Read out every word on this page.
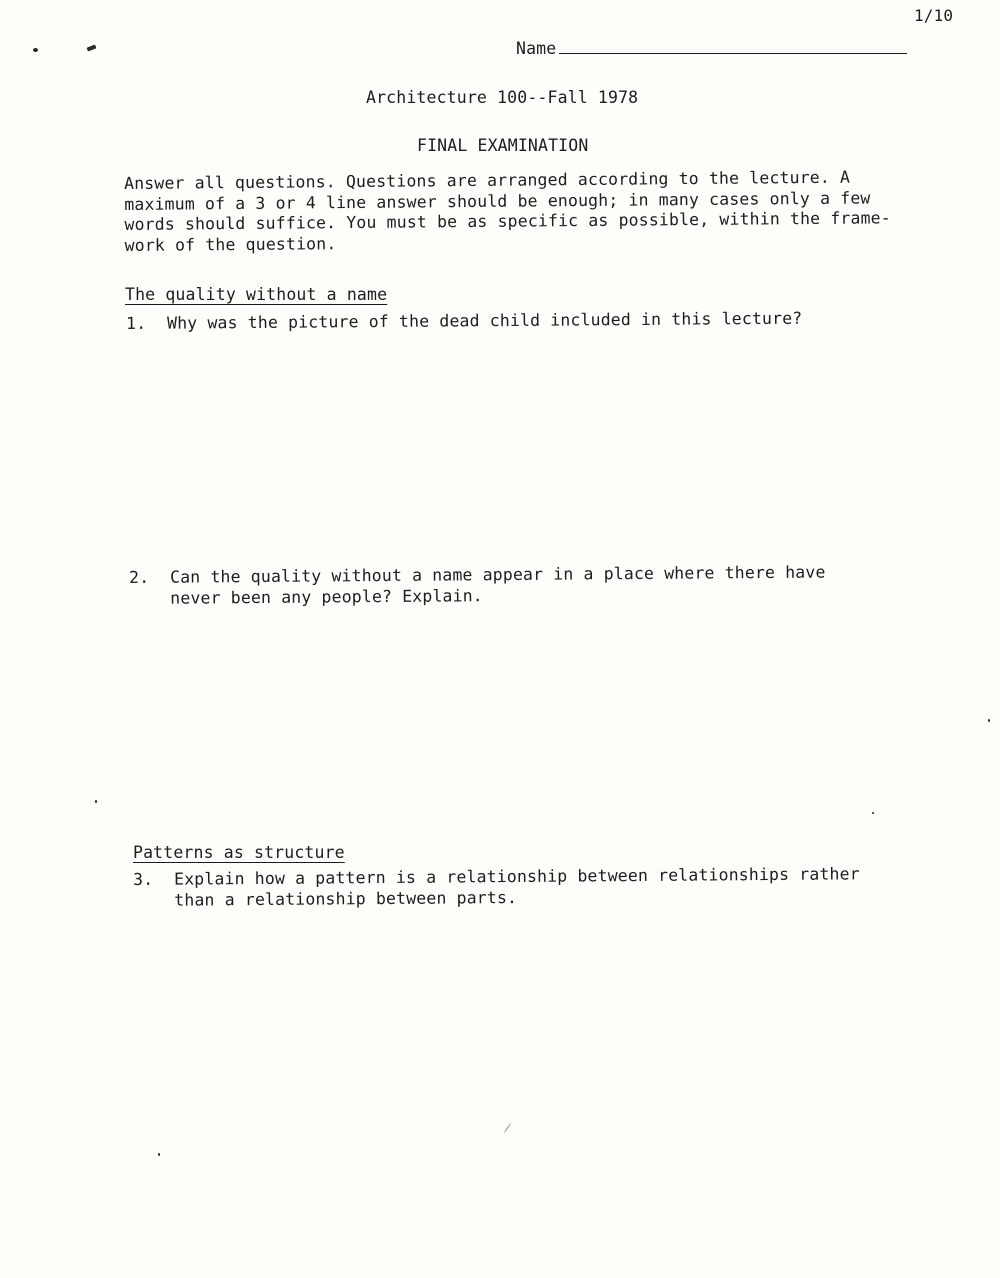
1/10
Name
Architecture 100--Fall 1978
FINAL EXAMINATION
Answer all questions. Questions are arranged according to the lecture. A
maximum of a 3 or 4 line answer should be enough; in many cases only a few
words should suffice. You must be as specific as possible, within the frame-
work of the question.
The quality without a name
1. Why was the picture of the dead child included in this lecture?
2. Can the quality without a name appear in a place where there have
never been any people? Explain.
Patterns as structure
3. Explain how a pattern is a relationship between relationships rather
than a relationship between parts.
